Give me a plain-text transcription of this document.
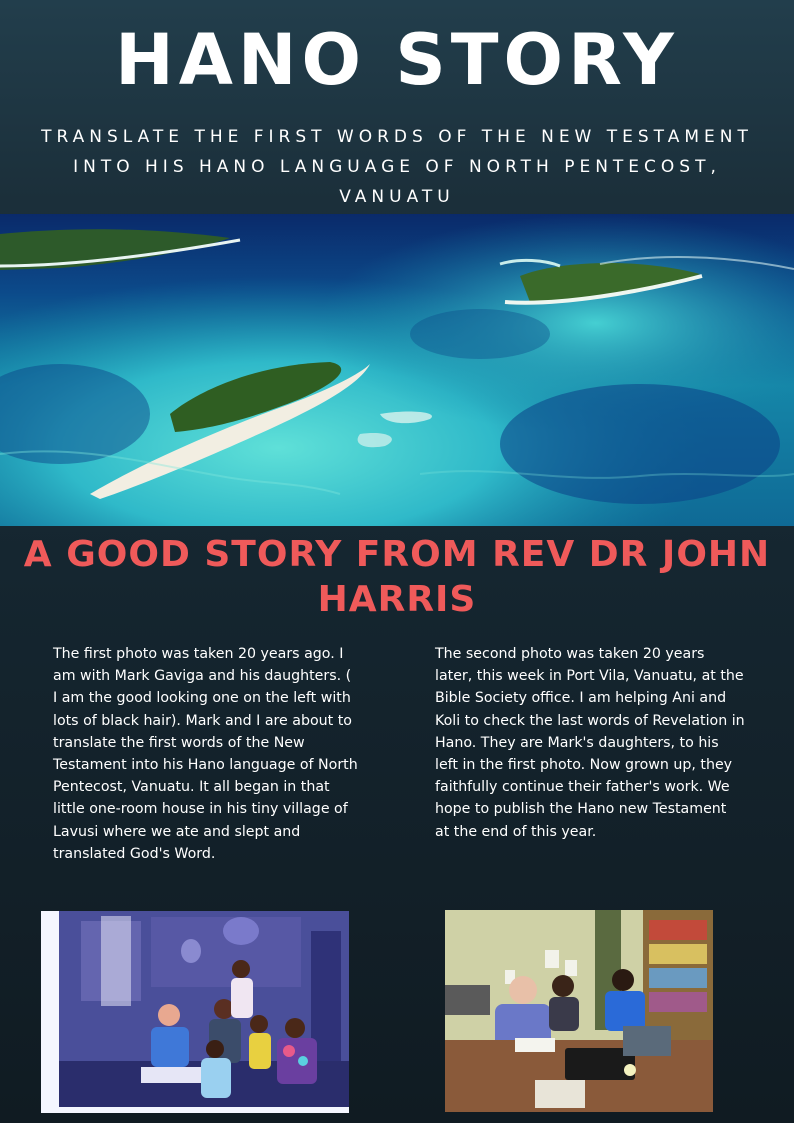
HANO STORY
TRANSLATE THE FIRST WORDS OF THE NEW TESTAMENT INTO HIS HANO LANGUAGE OF NORTH PENTECOST, VANUATU
A GOOD STORY FROM REV DR JOHN HARRIS
The first photo was taken 20 years ago. I am with Mark Gaviga and his daughters. ( I am the good looking one on the left with lots of black hair). Mark and I are about to translate the first words of the New Testament into his Hano language of North Pentecost, Vanuatu. It all began in that little one-room house in his tiny village of Lavusi where we ate and slept and translated God's Word.
The second photo was taken 20 years later, this week in Port Vila, Vanuatu, at the Bible Society office. I am helping Ani and Koli to check the last words of Revelation in Hano. They are Mark's daughters, to his left in the first photo. Now grown up, they faithfully continue their father's work. We hope to publish the Hano new Testament at the end of this year.
